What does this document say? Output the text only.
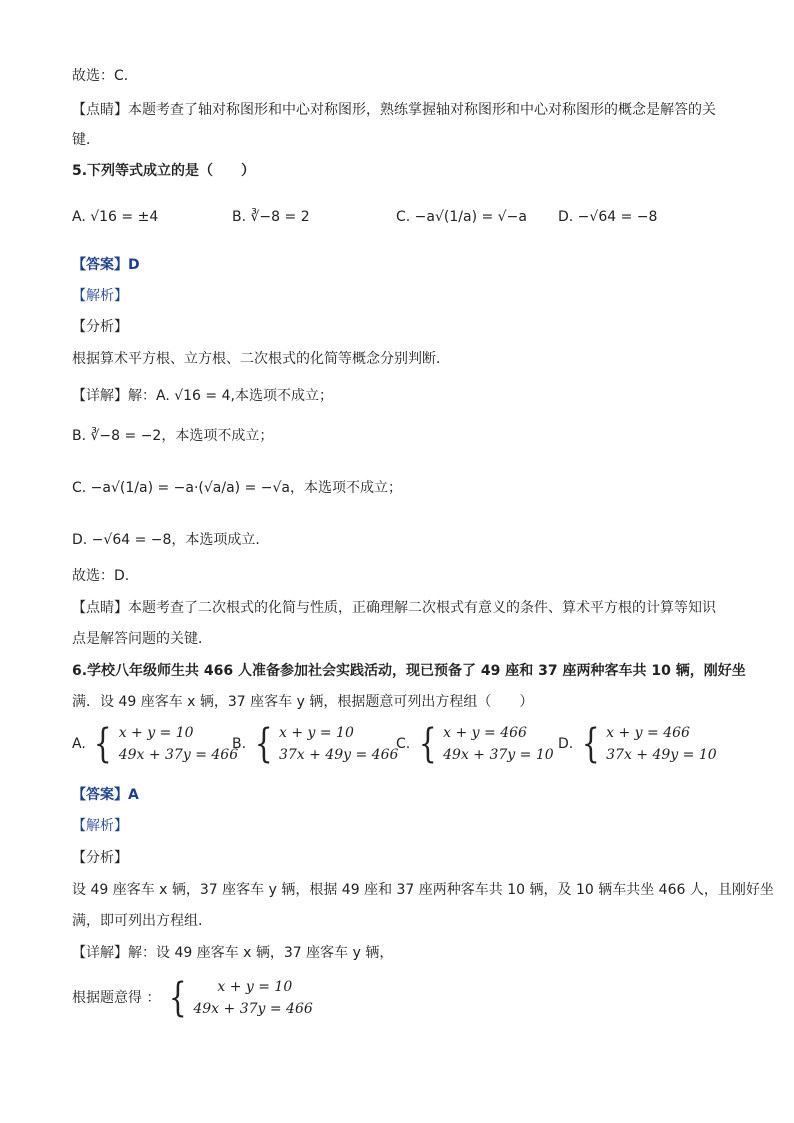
故选：C．
【点睛】本题考查了轴对称图形和中心对称图形，熟练掌握轴对称图形和中心对称图形的概念是解答的关
键．
5.下列等式成立的是（　　）
A. √16 = ±4	B. ∛−8 = 2	C. −a√(1/a) = √−a D. −√64 = −8
【答案】D
【解析】
【分析】
根据算术平方根、立方根、二次根式的化简等概念分别判断．
【详解】解：A. √16 = 4,本选项不成立；
B. ∛−8 = −2，本选项不成立；
C. −a√(1/a) = −a·(√a/a) = −√a，本选项不成立；
D. −√64 = −8，本选项成立.
故选：D.
【点睛】本题考查了二次根式的化简与性质，正确理解二次根式有意义的条件、算术平方根的计算等知识
点是解答问题的关键．
6.学校八年级师生共 466 人准备参加社会实践活动，现已预备了 49 座和 37 座两种客车共 10 辆，刚好坐
满．设 49 座客车 x 辆，37 座客车 y 辆，根据题意可列出方程组（　　）
A. { x + y = 10
49x + 37y = 466
B. { x + y = 10
37x + 49y = 466
C. { x + y = 466
49x + 37y = 10
D. { x + y = 466
37x + 49y = 10
【答案】A
【解析】
【分析】
设 49 座客车 x 辆，37 座客车 y 辆，根据 49 座和 37 座两种客车共 10 辆，及 10 辆车共坐 466 人，且刚好坐
满，即可列出方程组.
【详解】解：设 49 座客车 x 辆，37 座客车 y 辆，
根据题意得 ： {	x + y = 10
49x + 37y = 466
